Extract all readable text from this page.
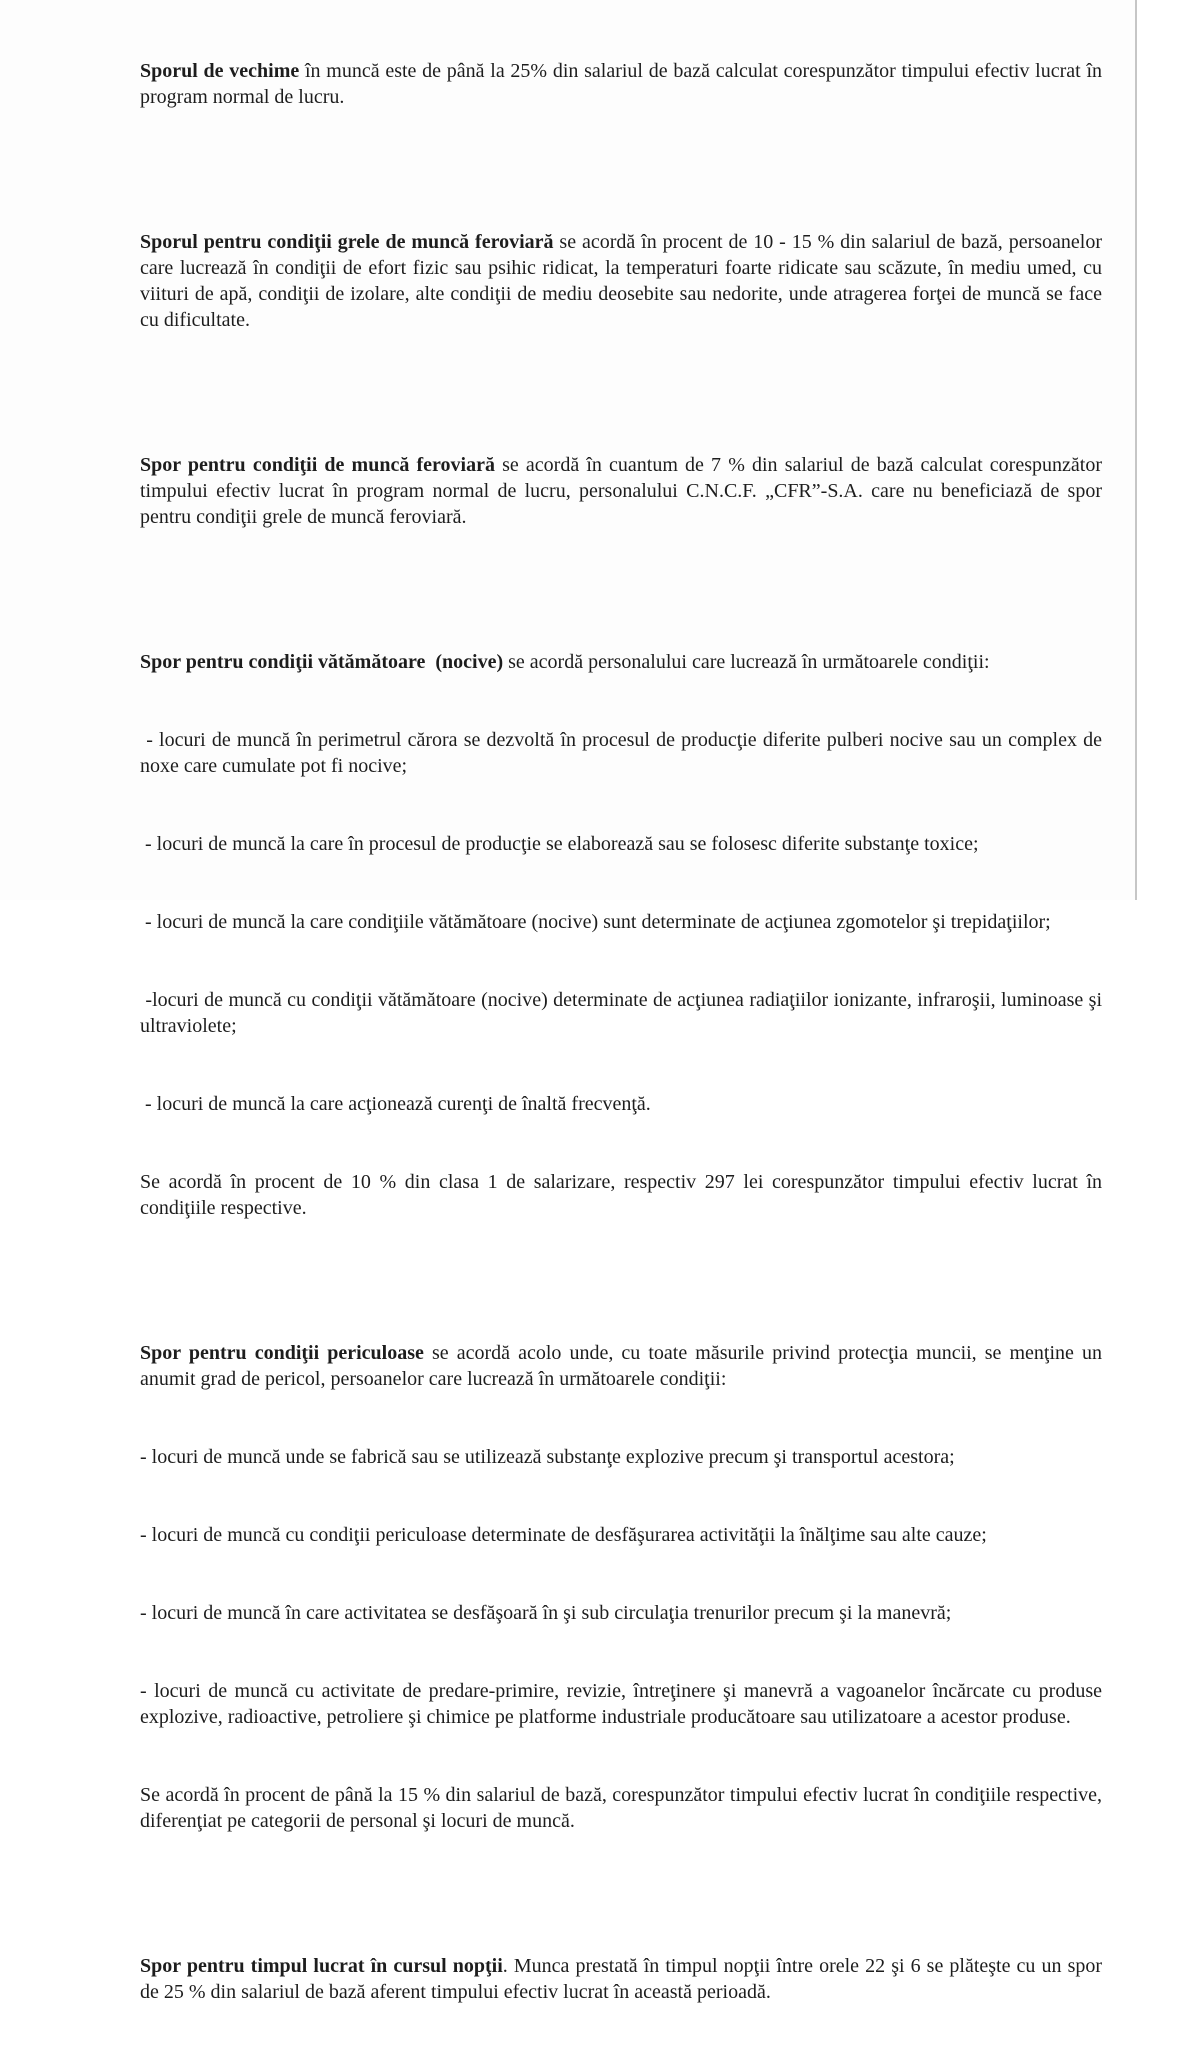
Sporul de vechime în muncă este de până la 25% din salariul de bază calculat corespunzător timpului efectiv lucrat în program normal de lucru.

Sporul pentru condiţii grele de muncă feroviară se acordă în procent de 10 - 15 % din salariul de bază, persoanelor care lucrează în condiţii de efort fizic sau psihic ridicat, la temperaturi foarte ridicate sau scăzute, în mediu umed, cu viituri de apă, condiţii de izolare, alte condiţii de mediu deosebite sau nedorite, unde atragerea forţei de muncă se face cu dificultate.

Spor pentru condiţii de muncă feroviară se acordă în cuantum de 7 % din salariul de bază calculat corespunzător timpului efectiv lucrat în program normal de lucru, personalului C.N.C.F. „CFR”-S.A. care nu beneficiază de spor pentru condiţii grele de muncă feroviară.

Spor pentru condiţii vătămătoare  (nocive) se acordă personalului care lucrează în următoarele condiţii:

- locuri de muncă în perimetrul cărora se dezvoltă în procesul de producţie diferite pulberi nocive sau un complex de noxe care cumulate pot fi nocive;

- locuri de muncă la care în procesul de producţie se elaborează sau se folosesc diferite substanţe toxice;

- locuri de muncă la care condiţiile vătămătoare (nocive) sunt determinate de acţiunea zgomotelor şi trepidaţiilor;

-locuri de muncă cu condiţii vătămătoare (nocive) determinate de acţiunea radiaţiilor ionizante, infraroşii, luminoase şi ultraviolete;

- locuri de muncă la care acţionează curenţi de înaltă frecvenţă.

Se acordă în procent de 10 % din clasa 1 de salarizare, respectiv 297 lei corespunzător timpului efectiv lucrat în condiţiile respective.

Spor pentru condiţii periculoase se acordă acolo unde, cu toate măsurile privind protecţia muncii, se menţine un anumit grad de pericol, persoanelor care lucrează în următoarele condiţii:

- locuri de muncă unde se fabrică sau se utilizează substanţe explozive precum şi transportul acestora;

- locuri de muncă cu condiţii periculoase determinate de desfăşurarea activităţii la înălţime sau alte cauze;

- locuri de muncă în care activitatea se desfăşoară în şi sub circulaţia trenurilor precum şi la manevră;

- locuri de muncă cu activitate de predare-primire, revizie, întreţinere şi manevră a vagoanelor încărcate cu produse explozive, radioactive, petroliere şi chimice pe platforme industriale producătoare sau utilizatoare a acestor produse.

Se acordă în procent de până la 15 % din salariul de bază, corespunzător timpului efectiv lucrat în condiţiile respective, diferenţiat pe categorii de personal şi locuri de muncă.

Spor pentru timpul lucrat în cursul nopţii. Munca prestată în timpul nopţii între orele 22 şi 6 se plăteşte cu un spor de 25 % din salariul de bază aferent timpului efectiv lucrat în această perioadă.
